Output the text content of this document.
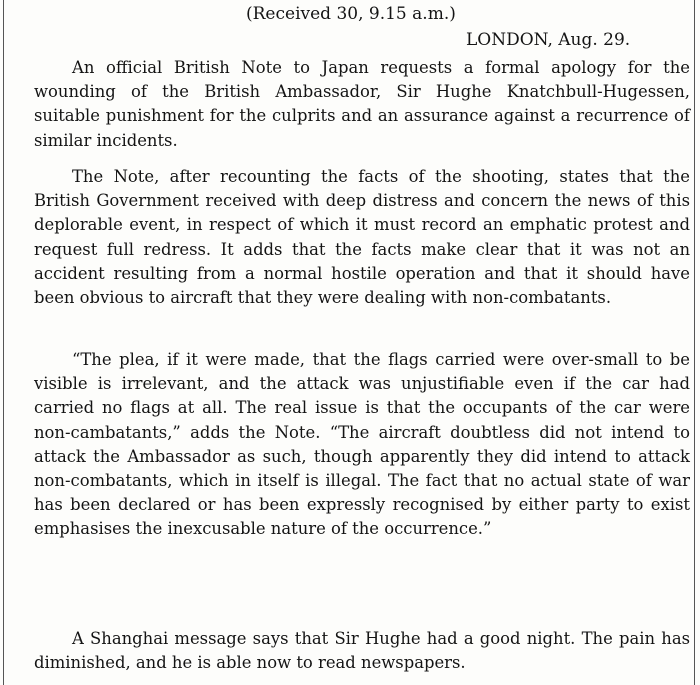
(Received 30, 9.15 a.m.)
LONDON, Aug. 29.

An official British Note to Japan requests a formal apology for the wounding of the British Ambassador, Sir Hughe Knatchbull-Hugessen, suitable punishment for the culprits and an assurance against a recurrence of similar incidents.

The Note, after recounting the facts of the shooting, states that the British Government received with deep distress and concern the news of this deplorable event, in respect of which it must record an emphatic protest and request full redress. It adds that the facts make clear that it was not an accident resulting from a normal hostile operation and that it should have been obvious to aircraft that they were dealing with non-combatants.

“The plea, if it were made, that the flags carried were over-small to be visible is irrelevant, and the attack was unjustifiable even if the car had carried no flags at all. The real issue is that the occupants of the car were non-cambatants,” adds the Note. “The aircraft doubtless did not intend to attack the Ambassador as such, though apparently they did intend to attack non-combatants, which in itself is illegal. The fact that no actual state of war has been declared or has been expressly recognised by either party to exist emphasises the inexcusable nature of the occurrence.”

A Shanghai message says that Sir Hughe had a good night. The pain has diminished, and he is able now to read newspapers.
